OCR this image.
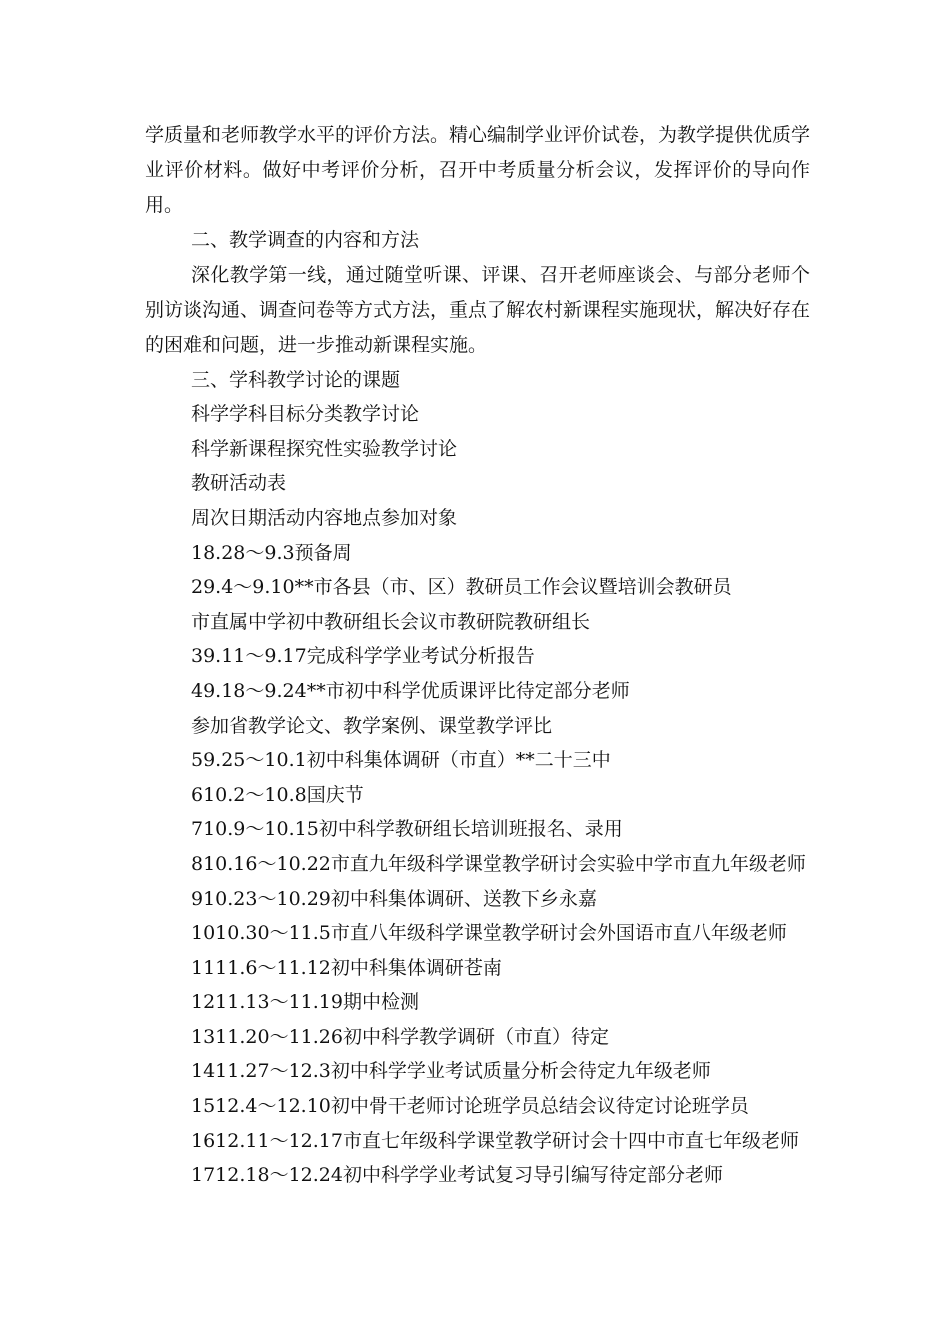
学质量和老师教学水平的评价方法。精心编制学业评价试卷，为教学提供优质学业评价材料。做好中考评价分析，召开中考质量分析会议，发挥评价的导向作用。

二、教学调查的内容和方法

深化教学第一线，通过随堂听课、评课、召开老师座谈会、与部分老师个别访谈沟通、调查问卷等方式方法，重点了解农村新课程实施现状，解决好存在的困难和问题，进一步推动新课程实施。

三、学科教学讨论的课题

科学学科目标分类教学讨论

科学新课程探究性实验教学讨论

教研活动表

周次日期活动内容地点参加对象

18.28～9.3预备周

29.4～9.10**市各县（市、区）教研员工作会议暨培训会教研员

市直属中学初中教研组长会议市教研院教研组长

39.11～9.17完成科学学业考试分析报告

49.18～9.24**市初中科学优质课评比待定部分老师

参加省教学论文、教学案例、课堂教学评比

59.25～10.1初中科集体调研（市直）**二十三中

610.2～10.8国庆节

710.9～10.15初中科学教研组长培训班报名、录用

810.16～10.22市直九年级科学课堂教学研讨会实验中学市直九年级老师

910.23～10.29初中科集体调研、送教下乡永嘉

1010.30～11.5市直八年级科学课堂教学研讨会外国语市直八年级老师

1111.6～11.12初中科集体调研苍南

1211.13～11.19期中检测

1311.20～11.26初中科学教学调研（市直）待定

1411.27～12.3初中科学学业考试质量分析会待定九年级老师

1512.4～12.10初中骨干老师讨论班学员总结会议待定讨论班学员

1612.11～12.17市直七年级科学课堂教学研讨会十四中市直七年级老师

1712.18～12.24初中科学学业考试复习导引编写待定部分老师
